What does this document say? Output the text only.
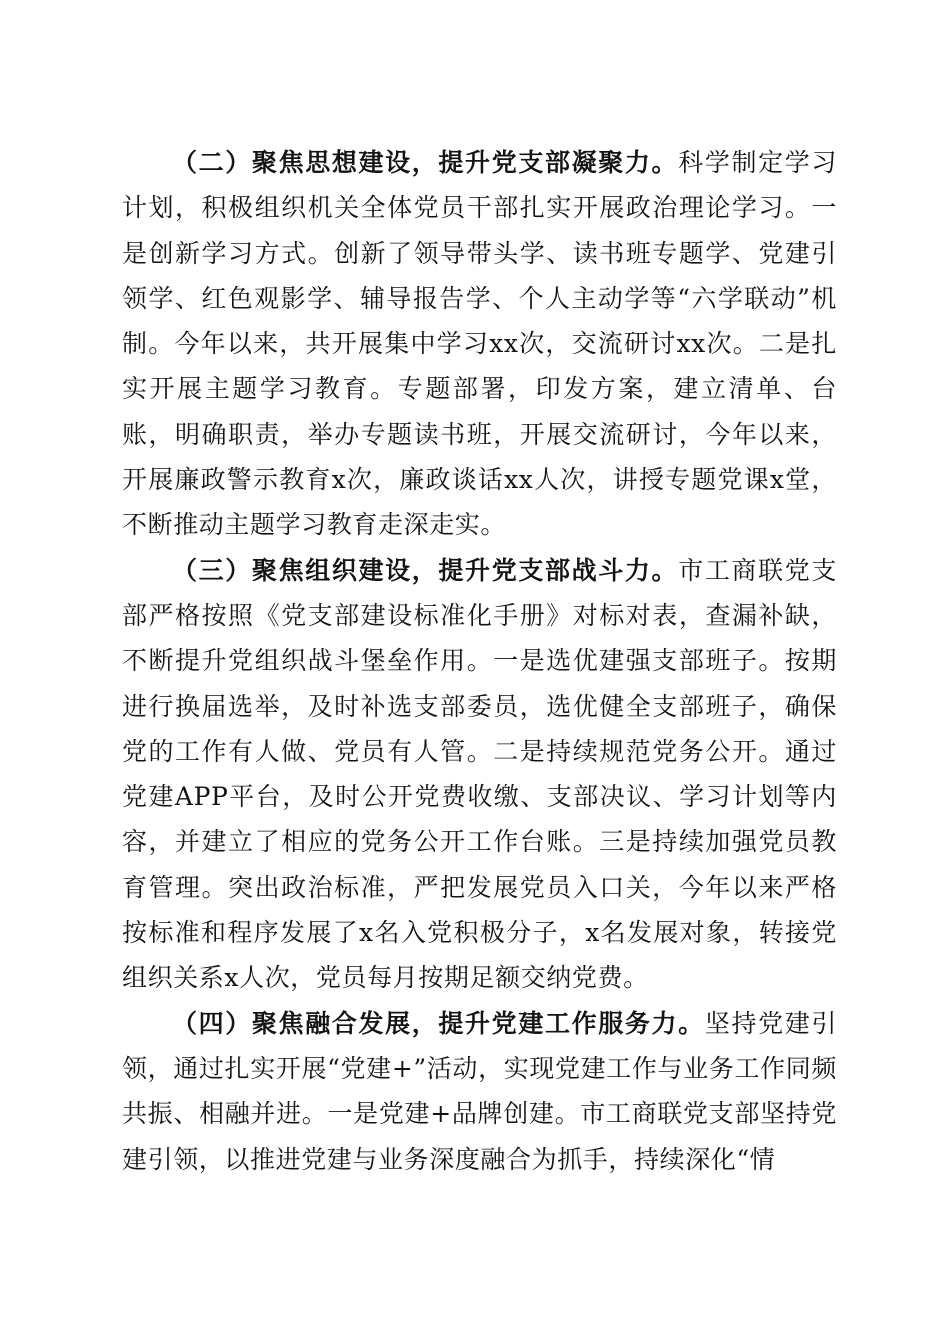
（二）聚焦思想建设，提升党支部凝聚力。科学制定学习计划，积极组织机关全体党员干部扎实开展政治理论学习。一是创新学习方式。创新了领导带头学、读书班专题学、党建引领学、红色观影学、辅导报告学、个人主动学等“六学联动”机制。今年以来，共开展集中学习xx次，交流研讨xx次。二是扎实开展主题学习教育。专题部署，印发方案，建立清单、台账，明确职责，举办专题读书班，开展交流研讨，今年以来，开展廉政警示教育x次，廉政谈话xx人次，讲授专题党课x堂，不断推动主题学习教育走深走实。

（三）聚焦组织建设，提升党支部战斗力。市工商联党支部严格按照《党支部建设标准化手册》对标对表，查漏补缺，不断提升党组织战斗堡垒作用。一是选优建强支部班子。按期进行换届选举，及时补选支部委员，选优健全支部班子，确保党的工作有人做、党员有人管。二是持续规范党务公开。通过党建APP平台，及时公开党费收缴、支部决议、学习计划等内容，并建立了相应的党务公开工作台账。三是持续加强党员教育管理。突出政治标准，严把发展党员入口关，今年以来严格按标准和程序发展了x名入党积极分子，x名发展对象，转接党组织关系x人次，党员每月按期足额交纳党费。

（四）聚焦融合发展，提升党建工作服务力。坚持党建引领，通过扎实开展“党建+”活动，实现党建工作与业务工作同频共振、相融并进。一是党建+品牌创建。市工商联党支部坚持党建引领，以推进党建与业务深度融合为抓手，持续深化“情
